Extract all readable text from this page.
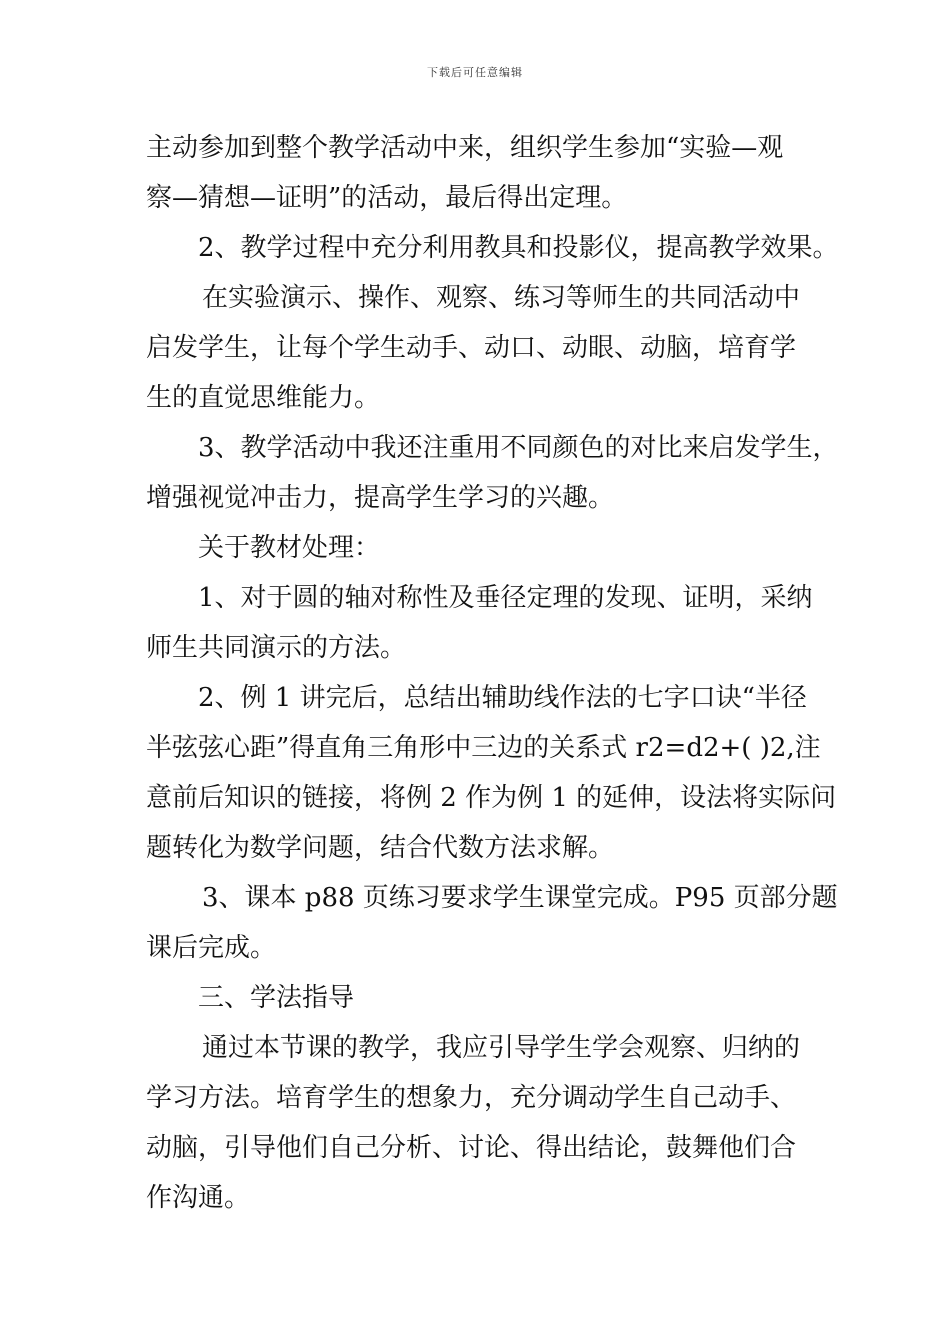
下载后可任意编辑
主动参加到整个教学活动中来，组织学生参加“实验—观
察—猜想—证明”的活动，最后得出定理。
2、教学过程中充分利用教具和投影仪，提高教学效果。
在实验演示、操作、观察、练习等师生的共同活动中
启发学生，让每个学生动手、动口、动眼、动脑，培育学
生的直觉思维能力。
3、教学活动中我还注重用不同颜色的对比来启发学生，
增强视觉冲击力，提高学生学习的兴趣。
关于教材处理：
1、对于圆的轴对称性及垂径定理的发现、证明，采纳
师生共同演示的方法。
2、例 1 讲完后，总结出辅助线作法的七字口诀“半径
半弦弦心距”得直角三角形中三边的关系式 r2=d2+( )2,注
意前后知识的链接，将例 2 作为例 1 的延伸，设法将实际问
题转化为数学问题，结合代数方法求解。
3、课本 p88 页练习要求学生课堂完成。P95 页部分题
课后完成。
三、学法指导
通过本节课的教学，我应引导学生学会观察、归纳的
学习方法。培育学生的想象力，充分调动学生自己动手、
动脑，引导他们自己分析、讨论、得出结论，鼓舞他们合
作沟通。
